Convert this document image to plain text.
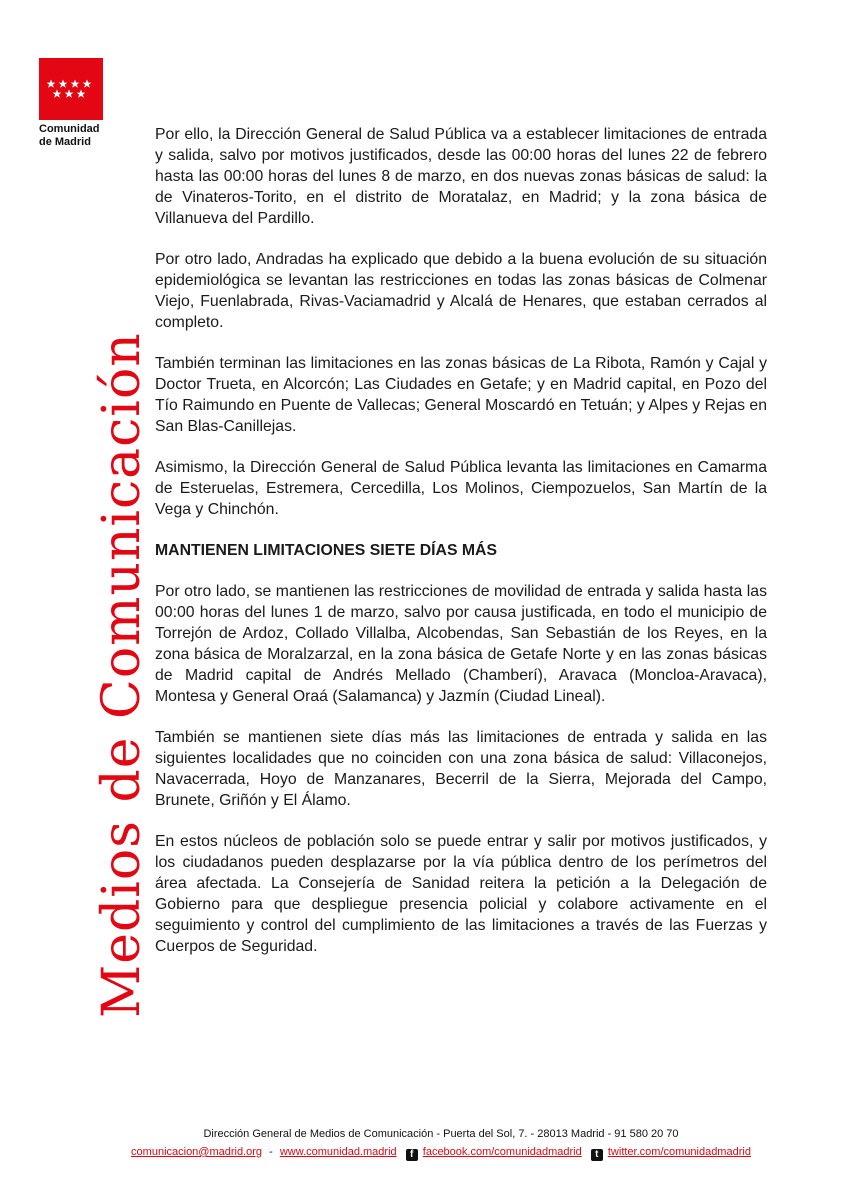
Comunidad
de Madrid
Medios de Comunicación

Por ello, la Dirección General de Salud Pública va a establecer limitaciones de entrada y salida, salvo por motivos justificados, desde las 00:00 horas del lunes 22 de febrero hasta las 00:00 horas del lunes 8 de marzo, en dos nuevas zonas básicas de salud: la de Vinateros-Torito, en el distrito de Moratalaz, en Madrid; y la zona básica de Villanueva del Pardillo.

Por otro lado, Andradas ha explicado que debido a la buena evolución de su situación epidemiológica se levantan las restricciones en todas las zonas básicas de Colmenar Viejo, Fuenlabrada, Rivas-Vaciamadrid y Alcalá de Henares, que estaban cerrados al completo.

También terminan las limitaciones en las zonas básicas de La Ribota, Ramón y Cajal y Doctor Trueta, en Alcorcón; Las Ciudades en Getafe; y en Madrid capital, en Pozo del Tío Raimundo en Puente de Vallecas; General Moscardó en Tetuán; y Alpes y Rejas en San Blas-Canillejas.

Asimismo, la Dirección General de Salud Pública levanta las limitaciones en Camarma de Esteruelas, Estremera, Cercedilla, Los Molinos, Ciempozuelos, San Martín de la Vega y Chinchón.

MANTIENEN LIMITACIONES SIETE DÍAS MÁS

Por otro lado, se mantienen las restricciones de movilidad de entrada y salida hasta las 00:00 horas del lunes 1 de marzo, salvo por causa justificada, en todo el municipio de Torrejón de Ardoz, Collado Villalba, Alcobendas, San Sebastián de los Reyes, en la zona básica de Moralzarzal, en la zona básica de Getafe Norte y en las zonas básicas de Madrid capital de Andrés Mellado (Chamberí), Aravaca (Moncloa-Aravaca), Montesa y General Oraá (Salamanca) y Jazmín (Ciudad Lineal).

También se mantienen siete días más las limitaciones de entrada y salida en las siguientes localidades que no coinciden con una zona básica de salud: Villaconejos, Navacerrada, Hoyo de Manzanares, Becerril de la Sierra, Mejorada del Campo, Brunete, Griñón y El Álamo.

En estos núcleos de población solo se puede entrar y salir por motivos justificados, y los ciudadanos pueden desplazarse por la vía pública dentro de los perímetros del área afectada. La Consejería de Sanidad reitera la petición a la Delegación de Gobierno para que despliegue presencia policial y colabore activamente en el seguimiento y control del cumplimiento de las limitaciones a través de las Fuerzas y Cuerpos de Seguridad.

Dirección General de Medios de Comunicación - Puerta del Sol, 7. - 28013 Madrid - 91 580 20 70
comunicacion@madrid.org - www.comunidad.madrid f facebook.com/comunidadmadrid t twitter.com/comunidadmadrid
